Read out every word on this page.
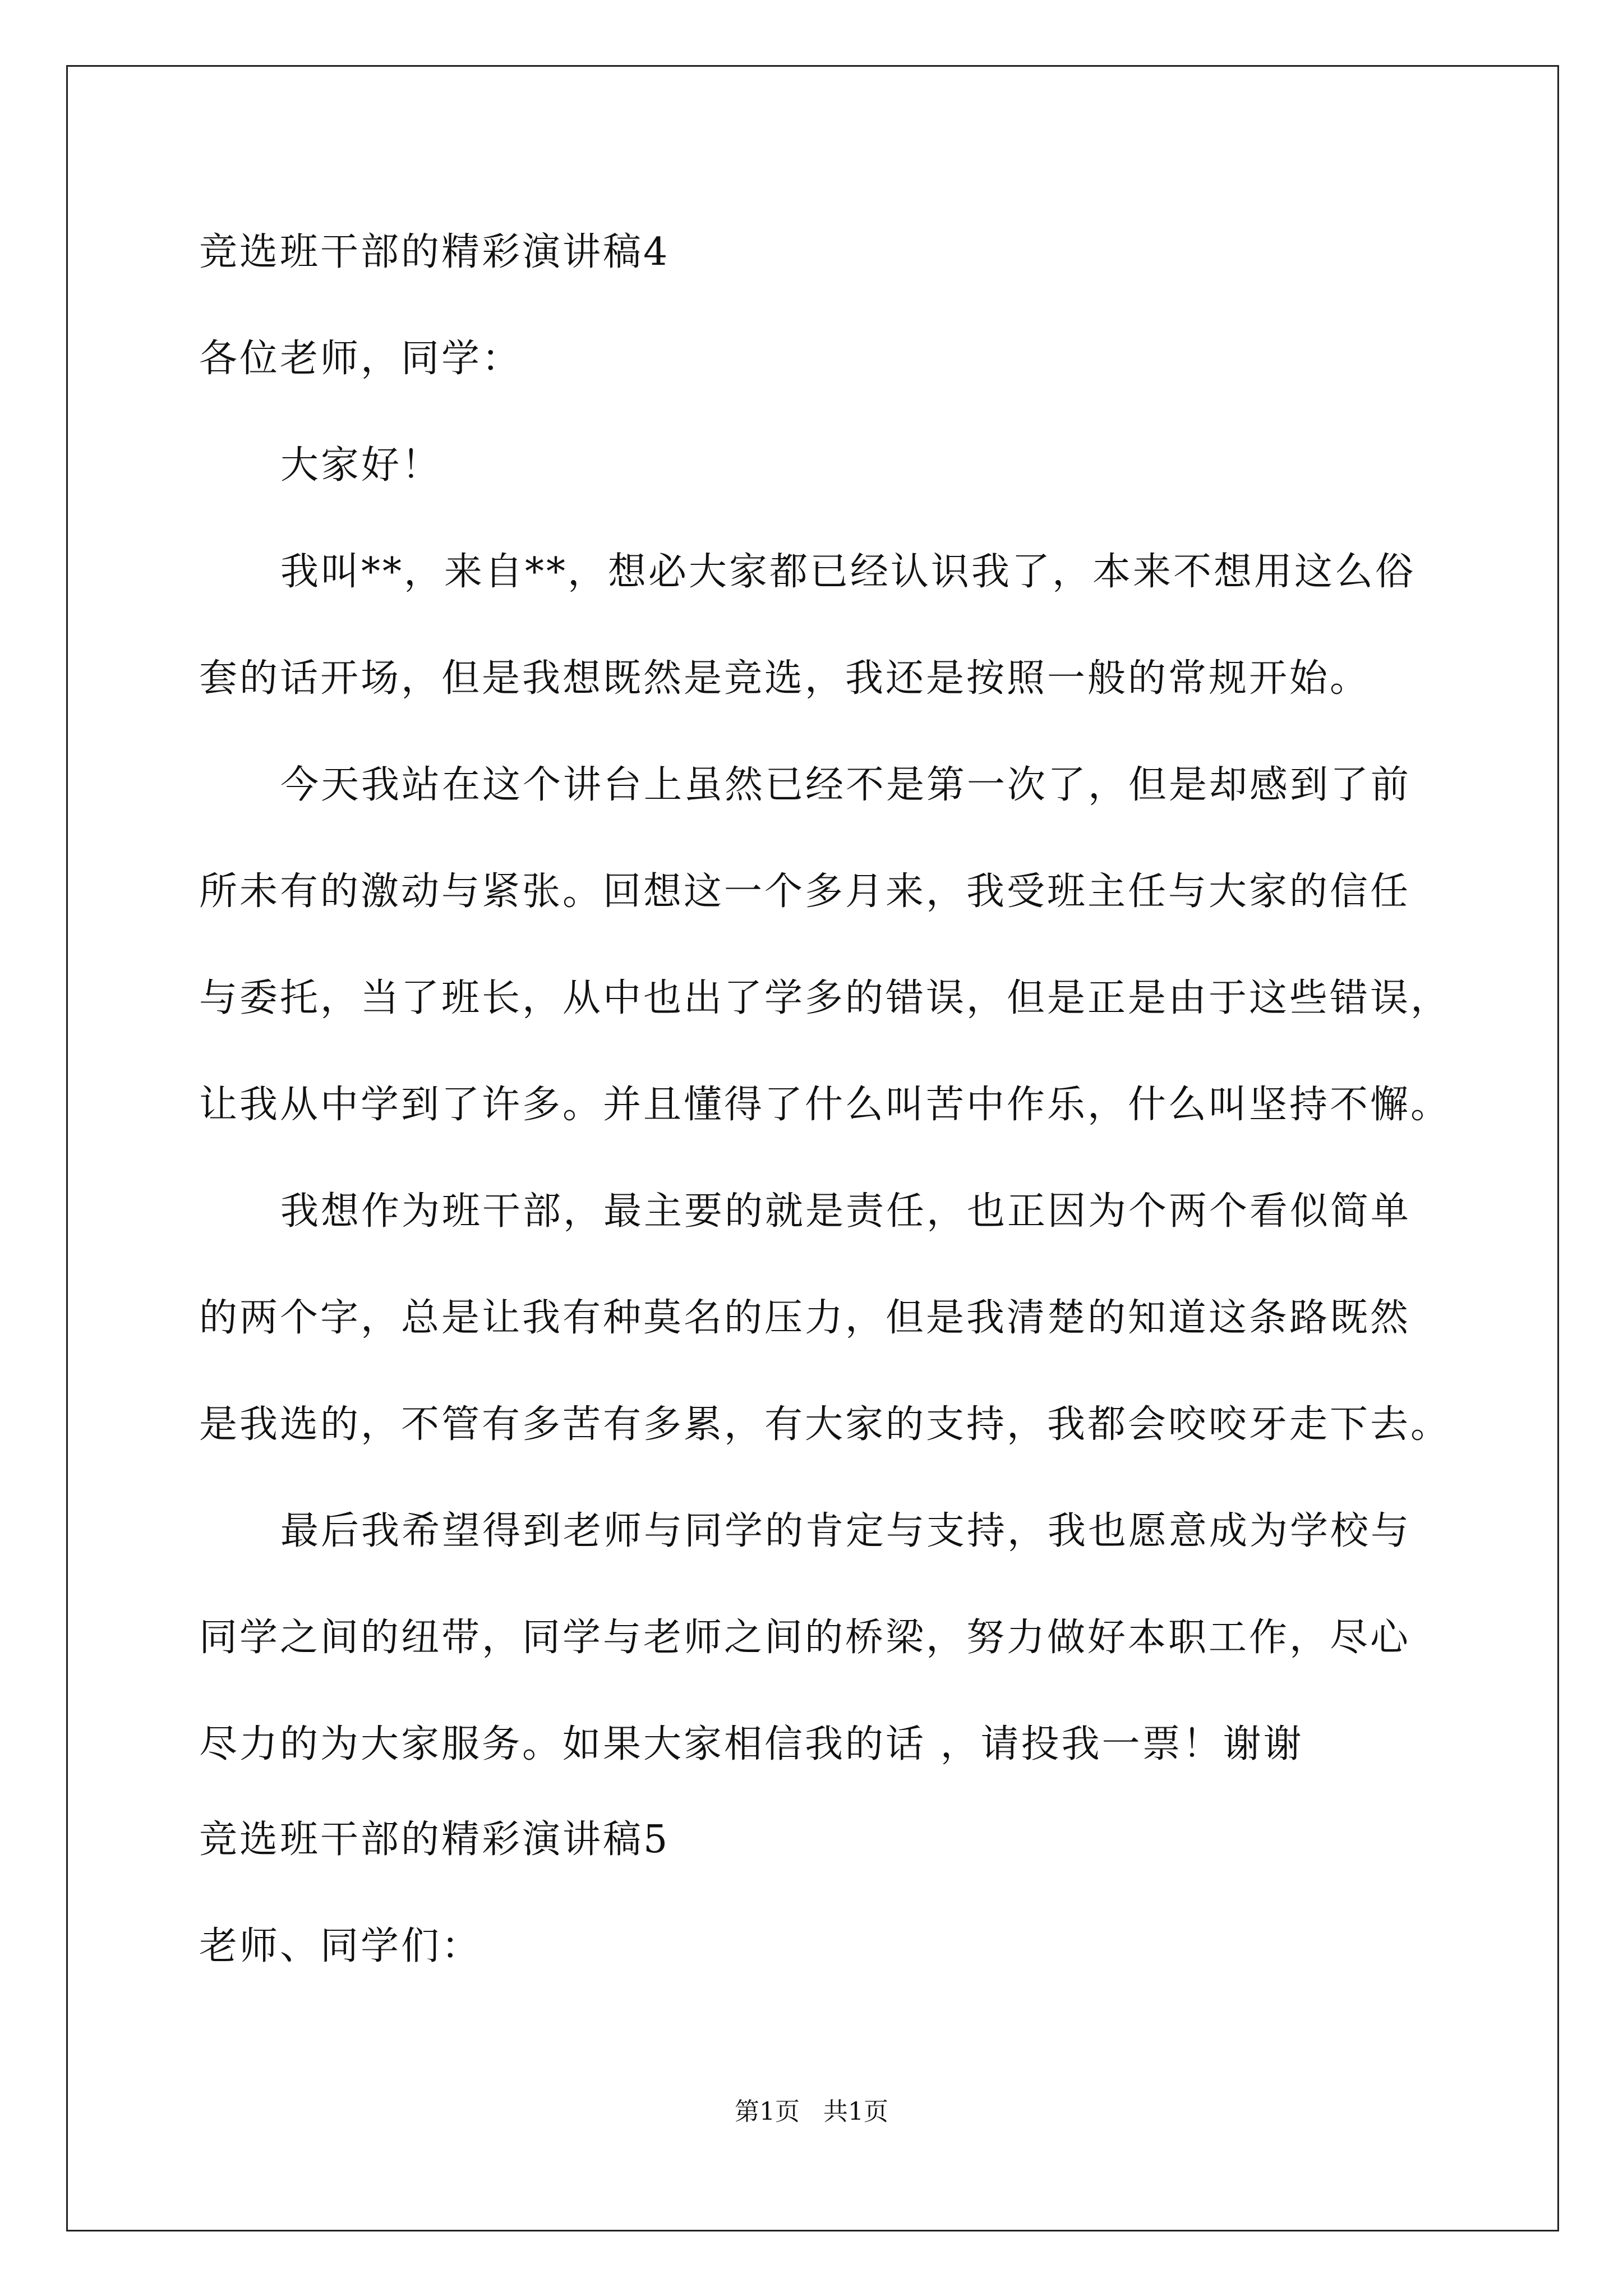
竞选班干部的精彩演讲稿4
各位老师，同学：
大家好！
我叫**，来自**，想必大家都已经认识我了，本来不想用这么俗
套的话开场，但是我想既然是竞选，我还是按照一般的常规开始。
今天我站在这个讲台上虽然已经不是第一次了，但是却感到了前
所未有的激动与紧张。回想这一个多月来，我受班主任与大家的信任
与委托，当了班长，从中也出了学多的错误，但是正是由于这些错误，
让我从中学到了许多。并且懂得了什么叫苦中作乐，什么叫坚持不懈。
我想作为班干部，最主要的就是责任，也正因为个两个看似简单
的两个字，总是让我有种莫名的压力，但是我清楚的知道这条路既然
是我选的，不管有多苦有多累，有大家的支持，我都会咬咬牙走下去。
最后我希望得到老师与同学的肯定与支持，我也愿意成为学校与
同学之间的纽带，同学与老师之间的桥梁，努力做好本职工作，尽心
尽力的为大家服务。如果大家相信我的话 ，请投我一票！谢谢
竞选班干部的精彩演讲稿5
老师、同学们：
第1页   共1页
